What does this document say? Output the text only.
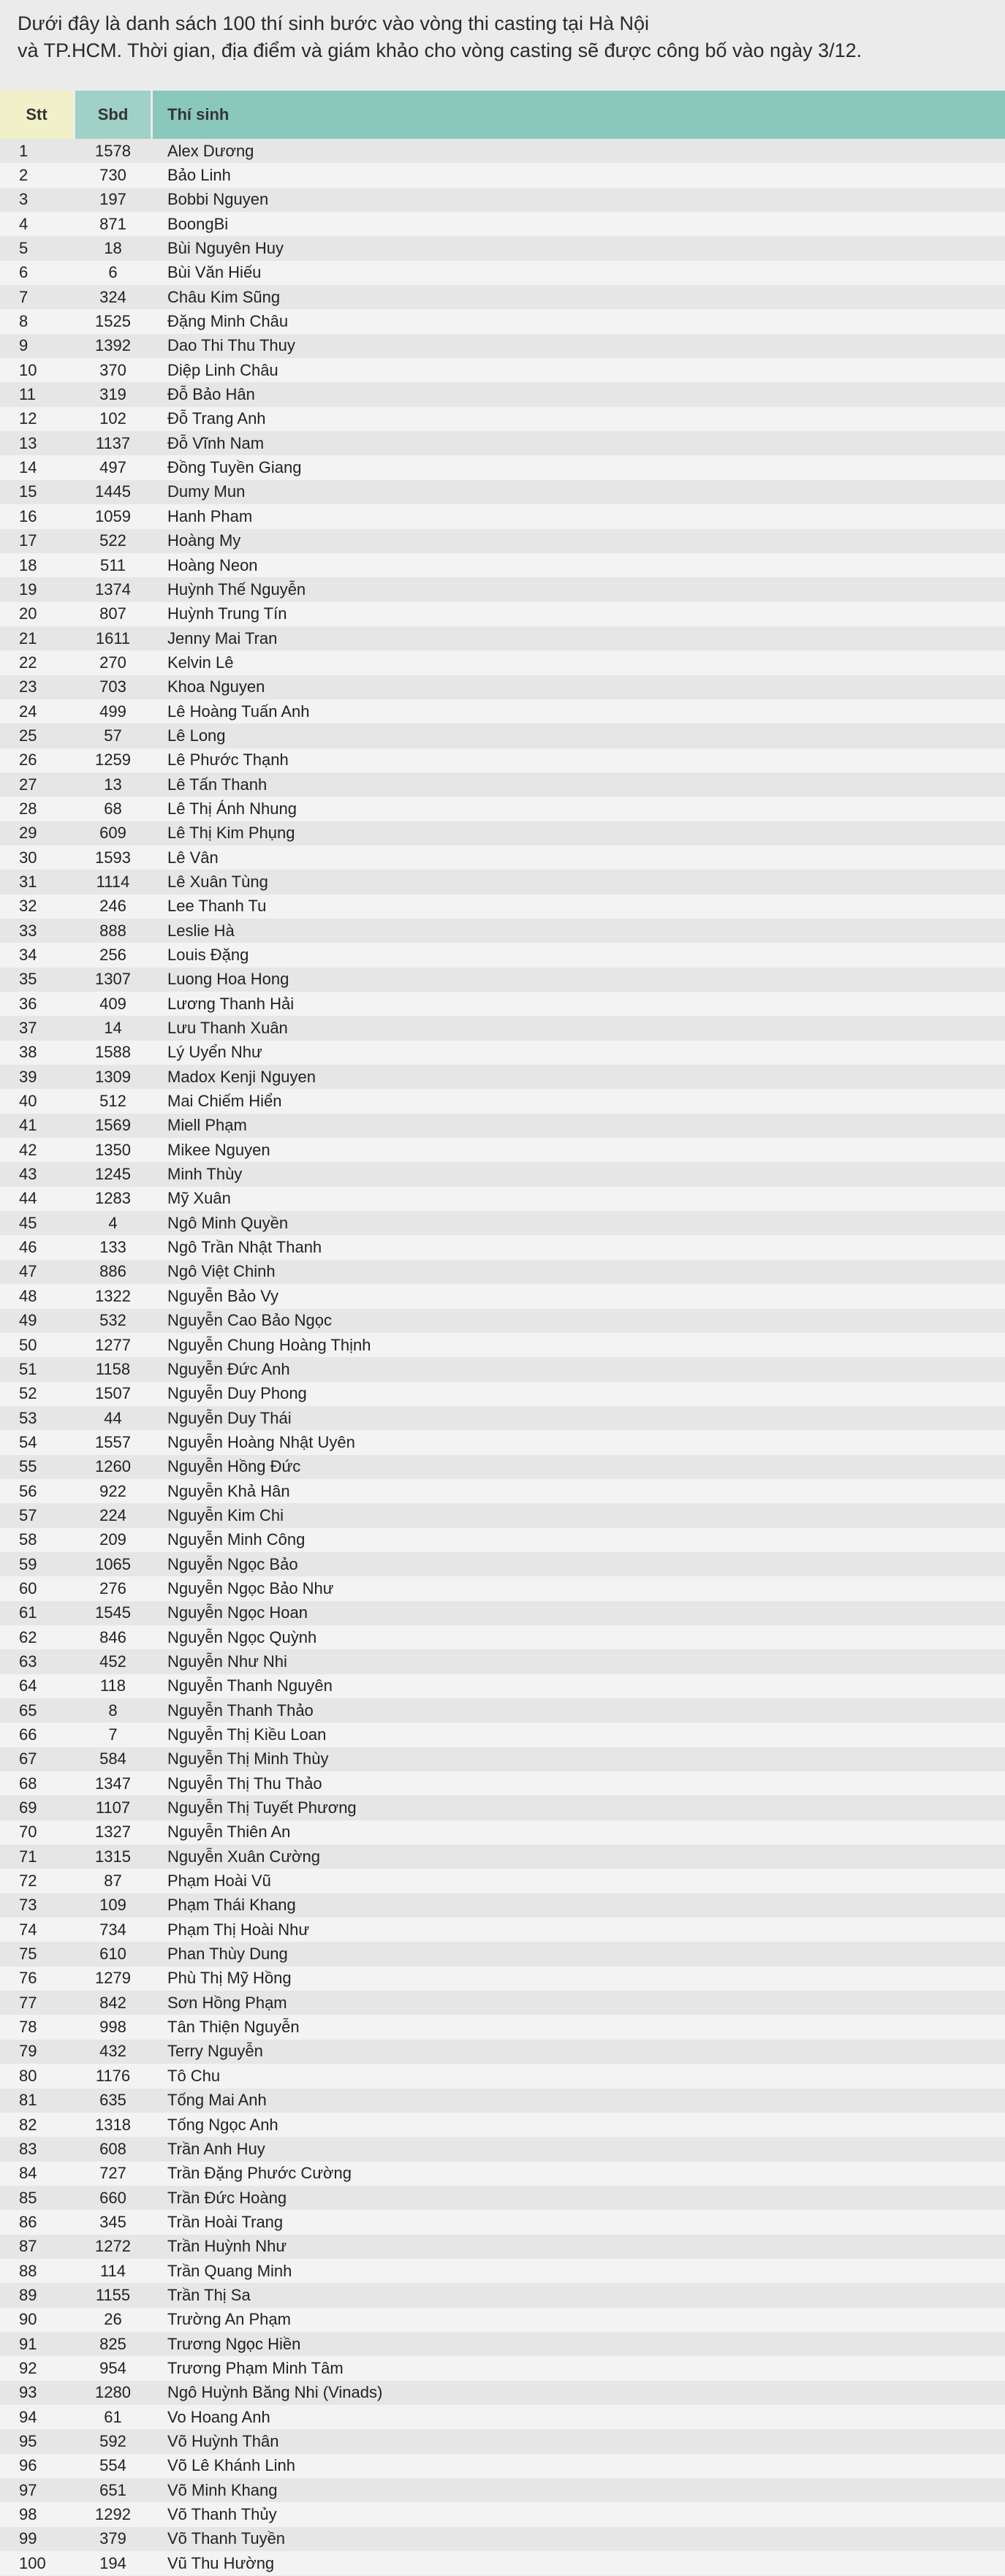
Dưới đây là danh sách 100 thí sinh bước vào vòng thi casting tại Hà Nội

và TP.HCM. Thời gian, địa điểm và giám khảo cho vòng casting sẽ được công bố vào ngày 3/12.

Stt	Sbd	Thí sinh
1	1578	Alex Dương
2	730	Bảo Linh
3	197	Bobbi Nguyen
4	871	BoongBi
5	18	Bùi Nguyên Huy
6	6	Bùi Văn Hiếu
7	324	Châu Kim Sũng
8	1525	Đặng Minh Châu
9	1392	Dao Thi Thu Thuy
10	370	Diệp Linh Châu
11	319	Đỗ Bảo Hân
12	102	Đỗ Trang Anh
13	1137	Đỗ Vĩnh Nam
14	497	Đồng Tuyền Giang
15	1445	Dumy Mun
16	1059	Hanh Pham
17	522	Hoàng My
18	511	Hoàng Neon
19	1374	Huỳnh Thế Nguyễn
20	807	Huỳnh Trung Tín
21	1611	Jenny Mai Tran
22	270	Kelvin Lê
23	703	Khoa Nguyen
24	499	Lê Hoàng Tuấn Anh
25	57	Lê Long
26	1259	Lê Phước Thạnh
27	13	Lê Tấn Thanh
28	68	Lê Thị Ánh Nhung
29	609	Lê Thị Kim Phụng
30	1593	Lê Vân
31	1114	Lê Xuân Tùng
32	246	Lee Thanh Tu
33	888	Leslie Hà
34	256	Louis Đặng
35	1307	Luong Hoa Hong
36	409	Lương Thanh Hải
37	14	Lưu Thanh Xuân
38	1588	Lý Uyển Như
39	1309	Madox Kenji Nguyen
40	512	Mai Chiếm Hiển
41	1569	Miell Phạm
42	1350	Mikee Nguyen
43	1245	Minh Thùy
44	1283	Mỹ Xuân
45	4	Ngô Minh Quyền
46	133	Ngô Trần Nhật Thanh
47	886	Ngô Việt Chinh
48	1322	Nguyễn Bảo Vy
49	532	Nguyễn Cao Bảo Ngọc
50	1277	Nguyễn Chung Hoàng Thịnh
51	1158	Nguyễn Đức Anh
52	1507	Nguyễn Duy Phong
53	44	Nguyễn Duy Thái
54	1557	Nguyễn Hoàng Nhật Uyên
55	1260	Nguyễn Hồng Đức
56	922	Nguyễn Khả Hân
57	224	Nguyễn Kim Chi
58	209	Nguyễn Minh Công
59	1065	Nguyễn Ngọc Bảo
60	276	Nguyễn Ngọc Bảo Như
61	1545	Nguyễn Ngọc Hoan
62	846	Nguyễn Ngọc Quỳnh
63	452	Nguyễn Như Nhi
64	118	Nguyễn Thanh Nguyên
65	8	Nguyễn Thanh Thảo
66	7	Nguyễn Thị Kiều Loan
67	584	Nguyễn Thị Minh Thùy
68	1347	Nguyễn Thị Thu Thảo
69	1107	Nguyễn Thị Tuyết Phương
70	1327	Nguyễn Thiên An
71	1315	Nguyễn Xuân Cường
72	87	Phạm Hoài Vũ
73	109	Phạm Thái Khang
74	734	Phạm Thị Hoài Như
75	610	Phan Thùy Dung
76	1279	Phù Thị Mỹ Hồng
77	842	Sơn Hồng Phạm
78	998	Tân Thiện Nguyễn
79	432	Terry Nguyễn
80	1176	Tô Chu
81	635	Tống Mai Anh
82	1318	Tống Ngọc Anh
83	608	Trần Anh Huy
84	727	Trần Đặng Phước Cường
85	660	Trần Đức Hoàng
86	345	Trần Hoài Trang
87	1272	Trần Huỳnh Như
88	114	Trần Quang Minh
89	1155	Trần Thị Sa
90	26	Trường An Phạm
91	825	Trương Ngọc Hiền
92	954	Trương Phạm Minh Tâm
93	1280	Ngô Huỳnh Băng Nhi (Vinads)
94	61	Vo Hoang Anh
95	592	Võ Huỳnh Thân
96	554	Võ Lê Khánh Linh
97	651	Võ Minh Khang
98	1292	Võ Thanh Thủy
99	379	Võ Thanh Tuyền
100	194	Vũ Thu Hường
